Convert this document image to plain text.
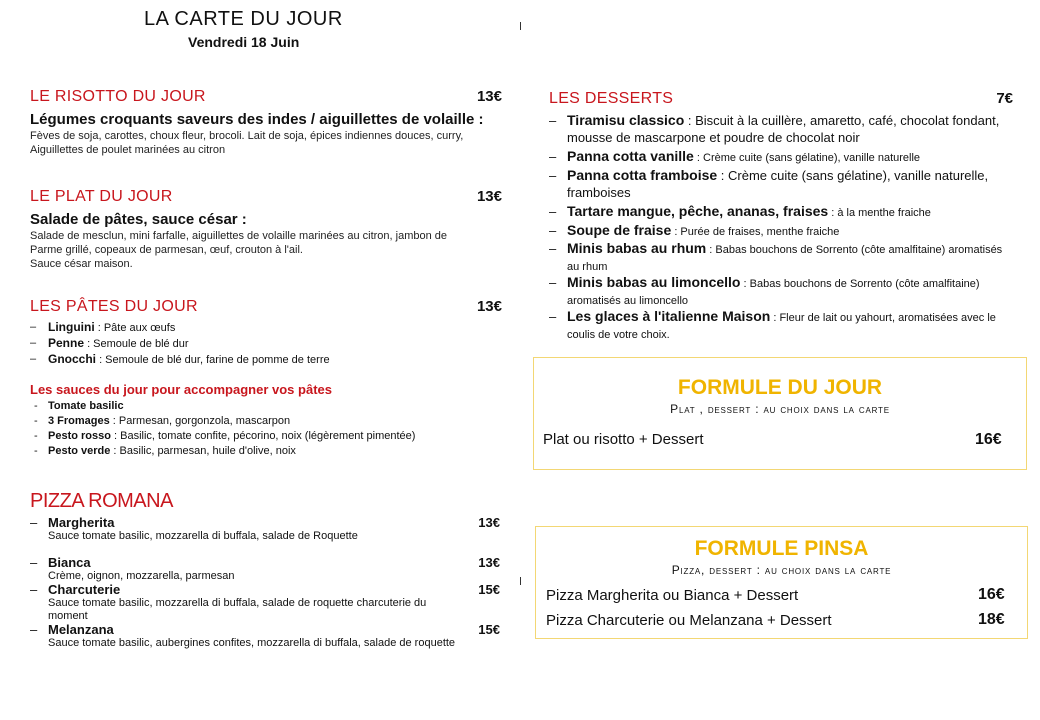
LA CARTE DU JOUR
Vendredi 18 Juin
LE RISOTTO DU JOUR	13€
Légumes croquants saveurs des indes / aiguillettes de volaille :
Fèves de soja, carottes, choux fleur, brocoli. Lait de soja, épices indiennes douces, curry, Aiguillettes de poulet marinées au citron
LE PLAT DU JOUR	13€
Salade de pâtes, sauce césar :
Salade de mesclun, mini farfalle, aiguillettes de volaille marinées au citron, jambon de Parme grillé, copeaux de parmesan, œuf, crouton à l'ail.
Sauce césar maison.
LES PÂTES DU JOUR	13€
– Linguini : Pâte aux œufs
– Penne : Semoule de blé dur
– Gnocchi : Semoule de blé dur, farine de pomme de terre
Les sauces du jour pour accompagner vos pâtes
- Tomate basilic
- 3 Fromages : Parmesan, gorgonzola, mascarpon
- Pesto rosso : Basilic, tomate confite, pécorino, noix (légèrement pimentée)
- Pesto verde : Basilic, parmesan, huile d'olive, noix
PIZZA ROMANA
– Margherita	13€
Sauce tomate basilic, mozzarella di buffala, salade de Roquette
– Bianca	13€
Crème, oignon, mozzarella, parmesan
– Charcuterie	15€
Sauce tomate basilic, mozzarella di buffala, salade de roquette charcuterie du moment
– Melanzana	15€
Sauce tomate basilic, aubergines confites, mozzarella di buffala, salade de roquette
LES DESSERTS	7€
– Tiramisu classico : Biscuit à la cuillère, amaretto, café, chocolat fondant, mousse de mascarpone et poudre de chocolat noir
– Panna cotta vanille : Crème cuite (sans gélatine), vanille naturelle
– Panna cotta framboise : Crème cuite (sans gélatine), vanille naturelle, framboises
– Tartare mangue, pêche, ananas, fraises : à la menthe fraiche
– Soupe de fraise : Purée de fraises, menthe fraiche
– Minis babas au rhum : Babas bouchons de Sorrento (côte amalfitaine) aromatisés au rhum
– Minis babas au limoncello : Babas bouchons de Sorrento (côte amalfitaine) aromatisés au limoncello
– Les glaces à l'italienne Maison : Fleur de lait ou yahourt, aromatisées avec le coulis de votre choix.
FORMULE DU JOUR
Plat , dessert : au choix dans la carte
Plat ou risotto + Dessert	16€
FORMULE PINSA
Pizza, dessert : au choix dans la carte
Pizza Margherita ou Bianca + Dessert	16€
Pizza Charcuterie ou Melanzana + Dessert	18€
